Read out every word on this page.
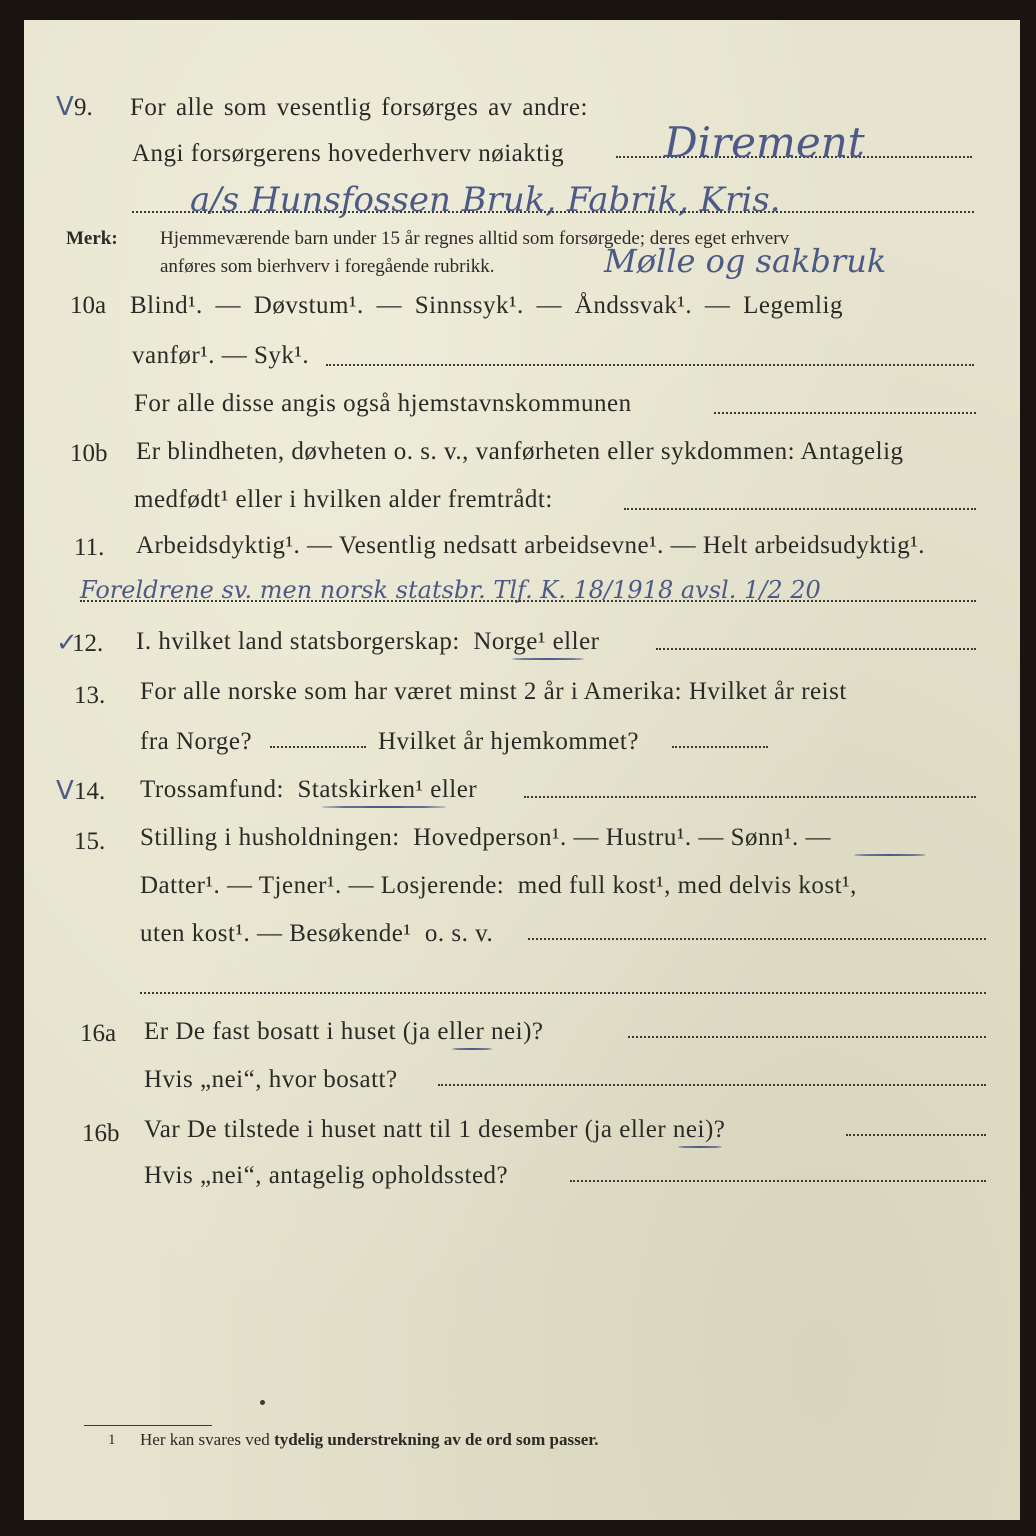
V 9. For alle som vesentlig forsørges av andre:
Angi forsørgerens hovederhverv nøiaktig Direment
a/s Hunsfossen Bruk, Fabrik, Kris.
Merk: Hjemmeværende barn under 15 år regnes alltid som forsørgede; deres eget erhverv
anføres som bierhverv i foregående rubrikk.	Mølle og sakbruk
10a Blind¹. — Døvstum¹. — Sinnssyk¹. — Åndssvak¹. — Legemlig
vanfør¹. — Syk¹.
For alle disse angis også hjemstavnskommunen
10b Er blindheten, døvheten o. s. v., vanførheten eller sykdommen: Antagelig
medfødt¹ eller i hvilken alder fremtrådt:
11. Arbeidsdyktig¹. — Vesentlig nedsatt arbeidsevne¹. — Helt arbeidsudyktig¹.
Foreldrene sv. men norsk statsbr. Tlf. K. 18/1918 avsl. 1/2 20
✓
12. I. hvilket land statsborgerskap:  Norge¹ eller
13. For alle norske som har været minst 2 år i Amerika: Hvilket år reist
fra Norge?	Hvilket år hjemkommet?
V 14. Trossamfund:  Statskirken¹ eller
15. Stilling i husholdningen:  Hovedperson¹. — Hustru¹. — Sønn¹. —
Datter¹. — Tjener¹. — Losjerende:  med full kost¹, med delvis kost¹,
uten kost¹. — Besøkende¹  o. s. v.
16a Er De fast bosatt i huset (ja eller nei)?
Hvis „nei“, hvor bosatt?
16b Var De tilstede i huset natt til 1 desember (ja eller nei)?
Hvis „nei“, antagelig opholdssted?
1 Her kan svares ved tydelig understrekning av de ord som passer.
